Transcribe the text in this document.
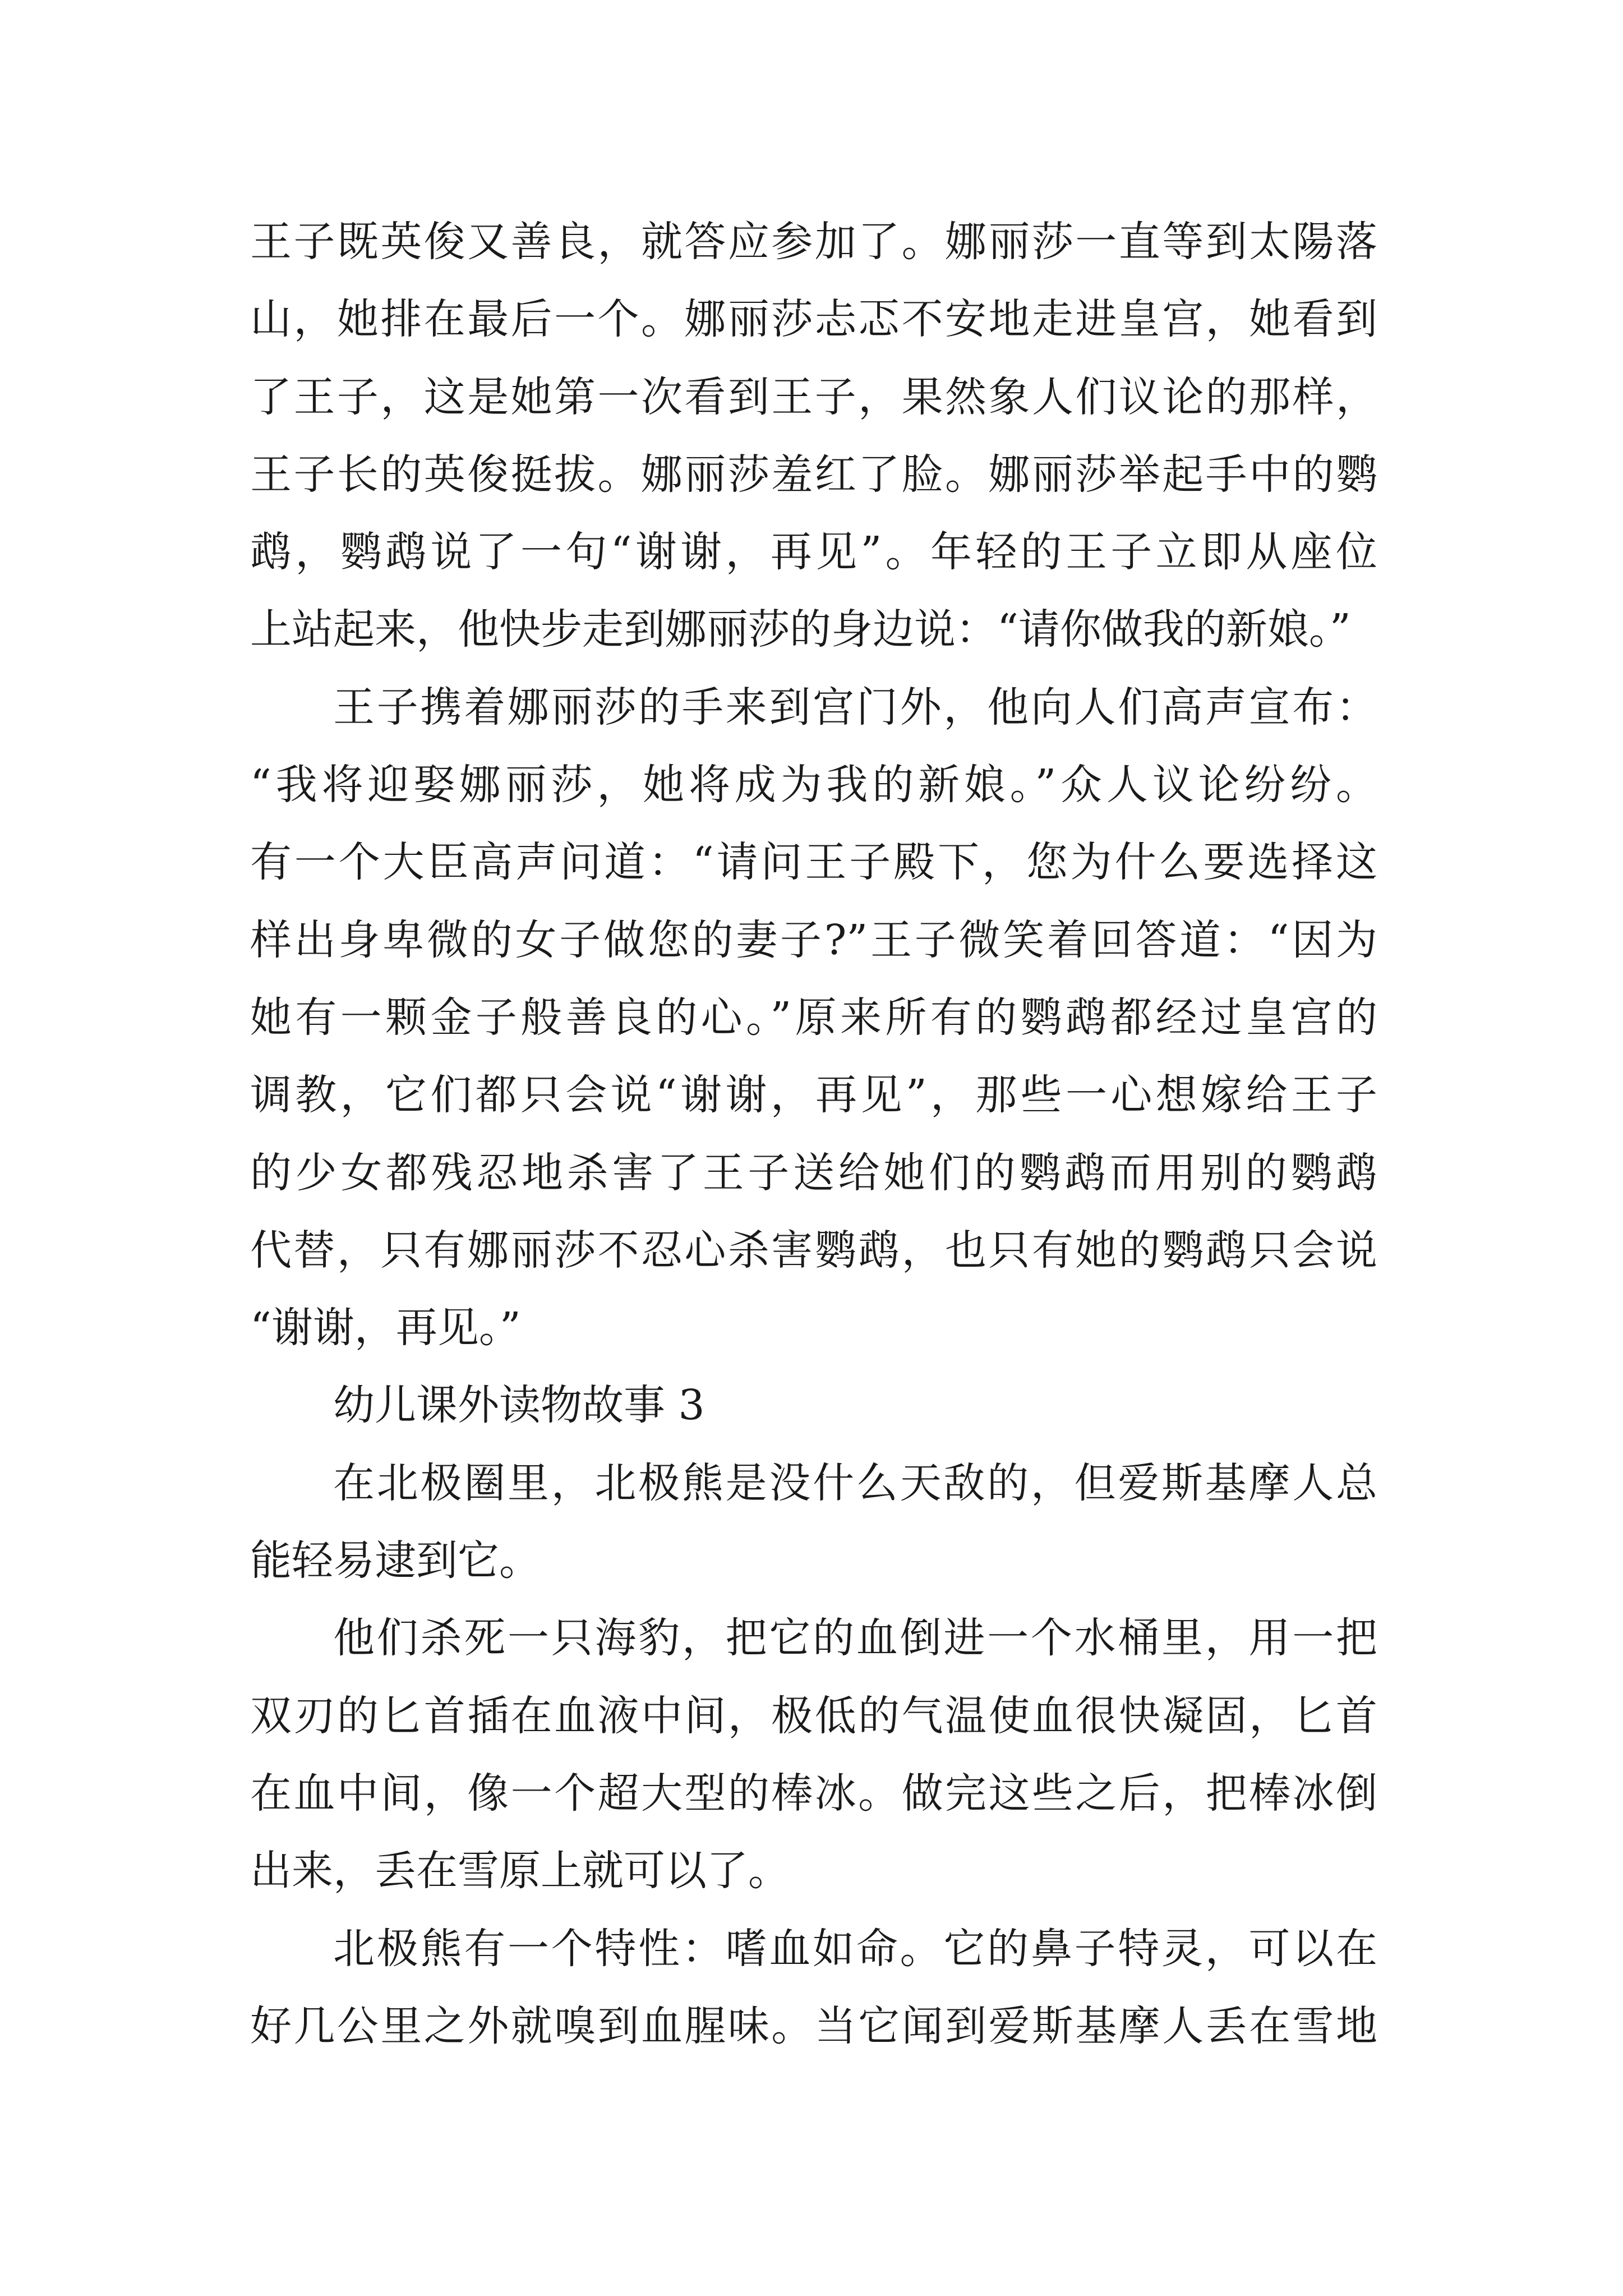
王子既英俊又善良，就答应参加了。娜丽莎一直等到太陽落
山，她排在最后一个。娜丽莎忐忑不安地走进皇宫，她看到
了王子，这是她第一次看到王子，果然象人们议论的那样，
王子长的英俊挺拔。娜丽莎羞红了脸。娜丽莎举起手中的鹦
鹉，鹦鹉说了一句“谢谢，再见”。年轻的王子立即从座位
上站起来，他快步走到娜丽莎的身边说：“请你做我的新娘。”

王子携着娜丽莎的手来到宫门外，他向人们高声宣布：
“我将迎娶娜丽莎，她将成为我的新娘。”众人议论纷纷。
有一个大臣高声问道：“请问王子殿下，您为什么要选择这
样出身卑微的女子做您的妻子?”王子微笑着回答道：“因为
她有一颗金子般善良的心。”原来所有的鹦鹉都经过皇宫的
调教，它们都只会说“谢谢，再见”，那些一心想嫁给王子
的少女都残忍地杀害了王子送给她们的鹦鹉而用别的鹦鹉
代替，只有娜丽莎不忍心杀害鹦鹉，也只有她的鹦鹉只会说
“谢谢，再见。”

幼儿课外读物故事 3

在北极圈里，北极熊是没什么天敌的，但爱斯基摩人总
能轻易逮到它。

他们杀死一只海豹，把它的血倒进一个水桶里，用一把
双刃的匕首插在血液中间，极低的气温使血很快凝固，匕首
在血中间，像一个超大型的棒冰。做完这些之后，把棒冰倒
出来，丢在雪原上就可以了。

北极熊有一个特性：嗜血如命。它的鼻子特灵，可以在
好几公里之外就嗅到血腥味。当它闻到爱斯基摩人丢在雪地
